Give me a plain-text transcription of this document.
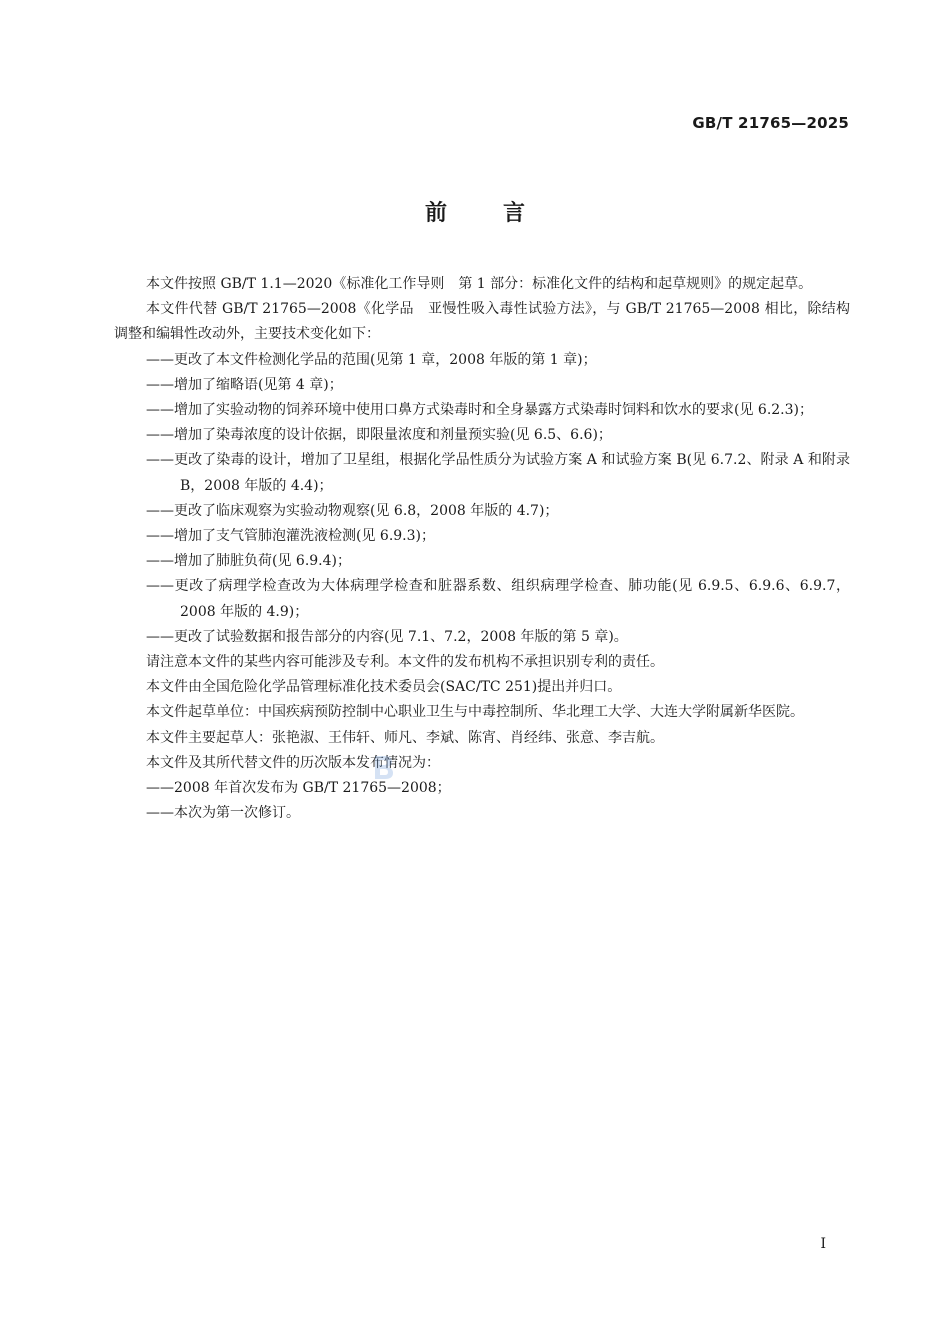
GB/T 21765—2025
前言

本文件按照 GB/T 1.1—2020《标准化工作导则　第 1 部分：标准化文件的结构和起草规则》的规定起草。

本文件代替 GB/T 21765—2008《化学品　亚慢性吸入毒性试验方法》，与 GB/T 21765—2008 相比，除结构调整和编辑性改动外，主要技术变化如下：

——更改了本文件检测化学品的范围(见第 1 章，2008 年版的第 1 章)；

——增加了缩略语(见第 4 章)；

——增加了实验动物的饲养环境中使用口鼻方式染毒时和全身暴露方式染毒时饲料和饮水的要求(见 6.2.3)；

——增加了染毒浓度的设计依据，即限量浓度和剂量预实验(见 6.5、6.6)；

——更改了染毒的设计，增加了卫星组，根据化学品性质分为试验方案 A 和试验方案 B(见 6.7.2、附录 A 和附录 B，2008 年版的 4.4)；

——更改了临床观察为实验动物观察(见 6.8，2008 年版的 4.7)；

——增加了支气管肺泡灌洗液检测(见 6.9.3)；

——增加了肺脏负荷(见 6.9.4)；

——更改了病理学检查改为大体病理学检查和脏器系数、组织病理学检查、肺功能(见 6.9.5、6.9.6、6.9.7，2008 年版的 4.9)；

——更改了试验数据和报告部分的内容(见 7.1、7.2，2008 年版的第 5 章)。

请注意本文件的某些内容可能涉及专利。本文件的发布机构不承担识别专利的责任。

本文件由全国危险化学品管理标准化技术委员会(SAC/TC 251)提出并归口。

本文件起草单位：中国疾病预防控制中心职业卫生与中毒控制所、华北理工大学、大连大学附属新华医院。

本文件主要起草人：张艳淑、王伟轩、师凡、李斌、陈宵、肖经纬、张意、李吉航。

本文件及其所代替文件的历次版本发布情况为：

——2008 年首次发布为 GB/T 21765—2008；

——本次为第一次修订。

I
